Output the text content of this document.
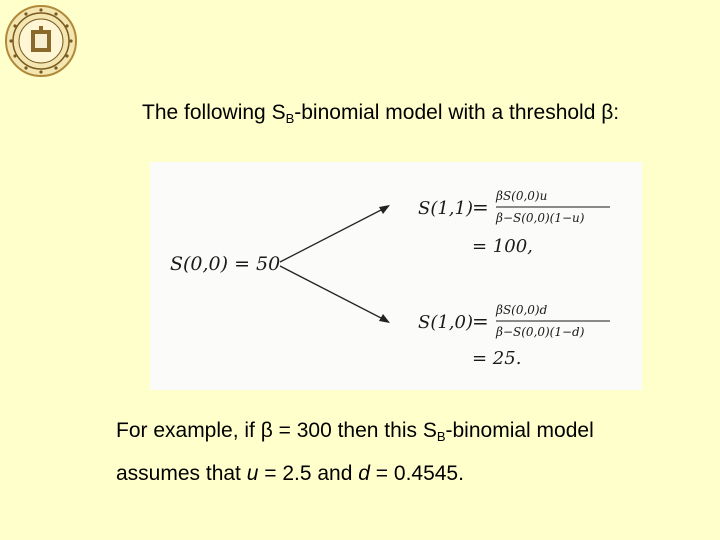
The following $S_B$-binomial model with a threshold β:
S(0,0) = 50
S(1,1)
= βS(0,0)u
β−S(0,0)(1−u)
= 100,
S(1,0)
= βS(0,0)d
β−S(0,0)(1−d)
= 25.
For example, if β = 300 then this $S_B$-binomial model
assumes that u = 2.5 and d = 0.4545.
